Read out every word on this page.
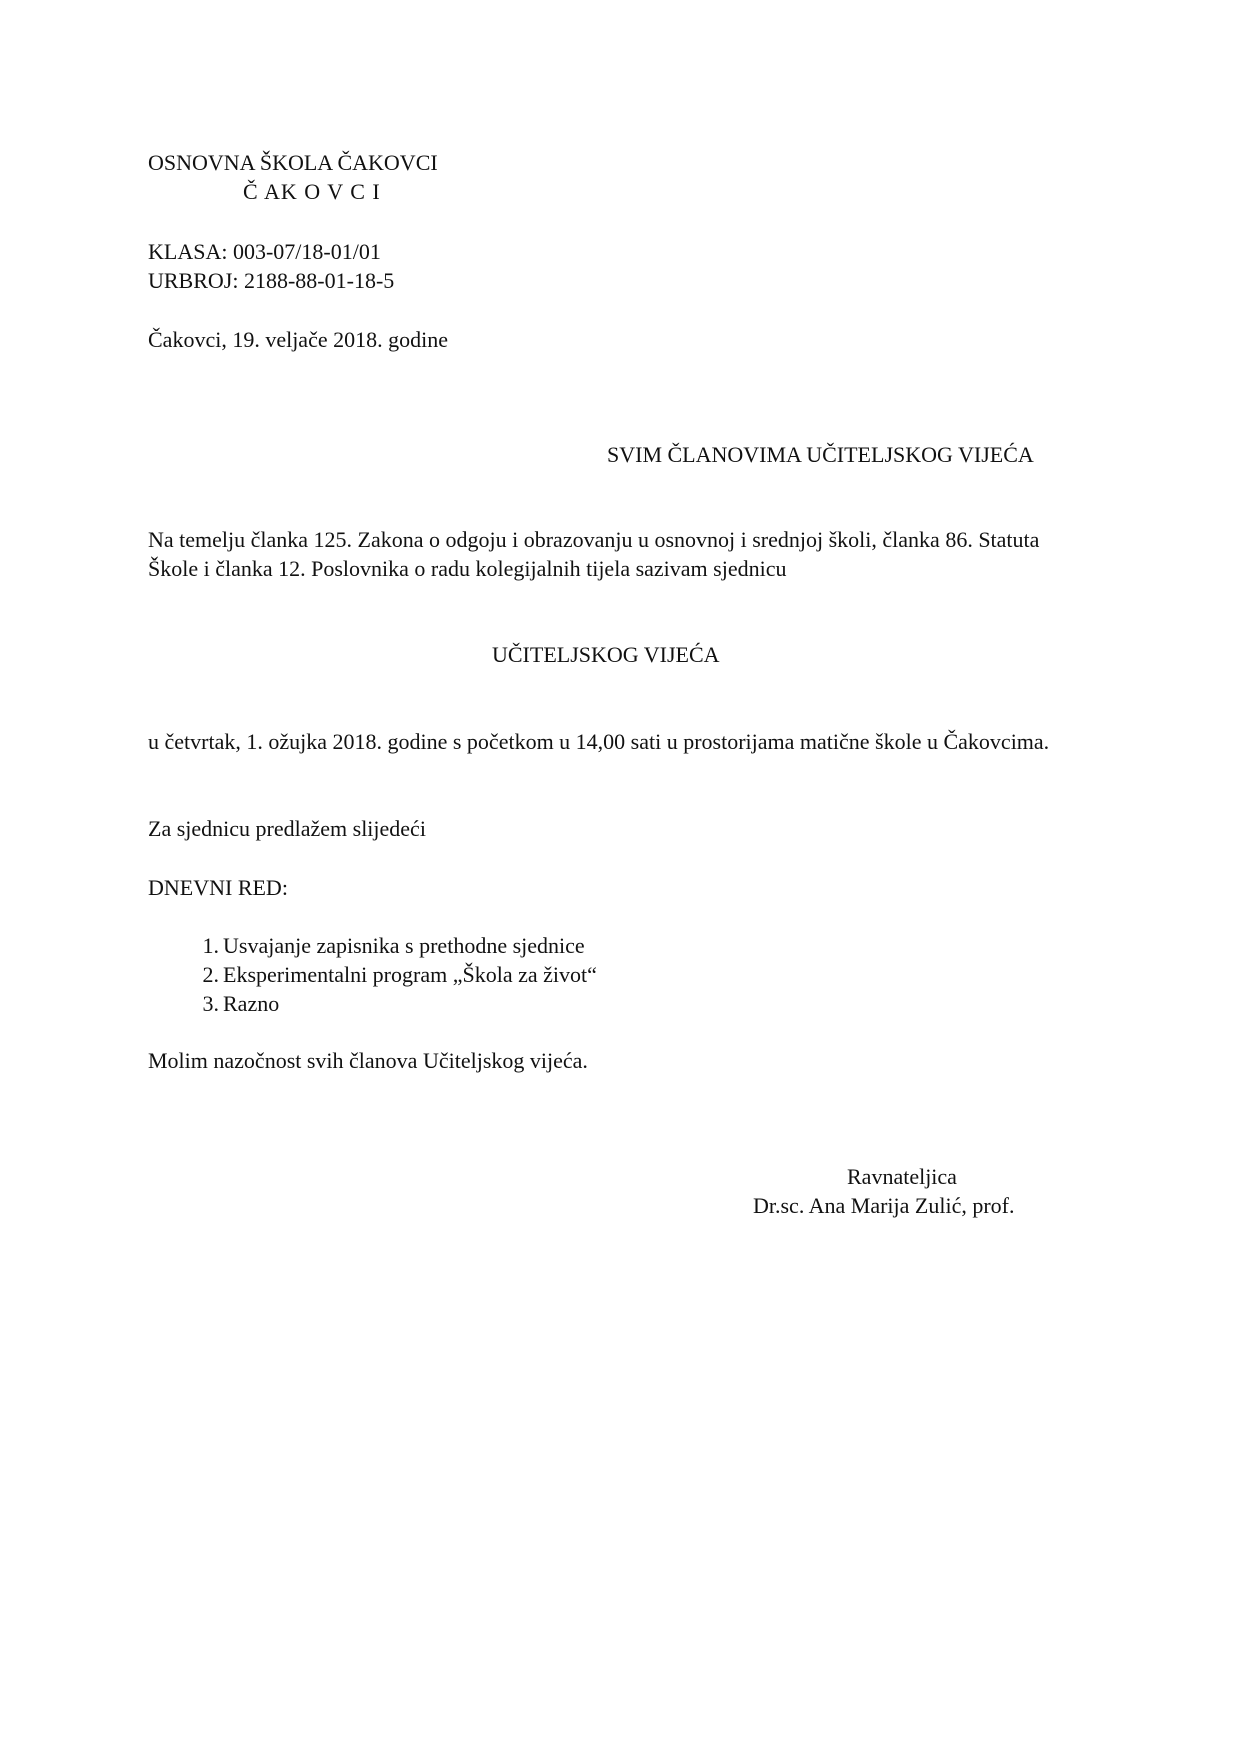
OSNOVNA ŠKOLA ČAKOVCI
Č AK O V C I
KLASA: 003-07/18-01/01
URBROJ: 2188-88-01-18-5
Čakovci, 19. veljače 2018. godine
SVIM ČLANOVIMA UČITELJSKOG VIJEĆA
Na temelju članka 125. Zakona o odgoju i obrazovanju u osnovnoj i srednjoj školi, članka 86. Statuta Škole i članka 12. Poslovnika o radu kolegijalnih tijela sazivam sjednicu
UČITELJSKOG VIJEĆA
u četvrtak, 1. ožujka 2018. godine s početkom u 14,00 sati u prostorijama matične škole u Čakovcima.
Za sjednicu predlažem slijedeći
DNEVNI RED:
1. Usvajanje zapisnika s prethodne sjednice
2. Eksperimentalni program „Škola za život“
3. Razno
Molim nazočnost svih članova Učiteljskog vijeća.
Ravnateljica
Dr.sc. Ana Marija Zulić, prof.
